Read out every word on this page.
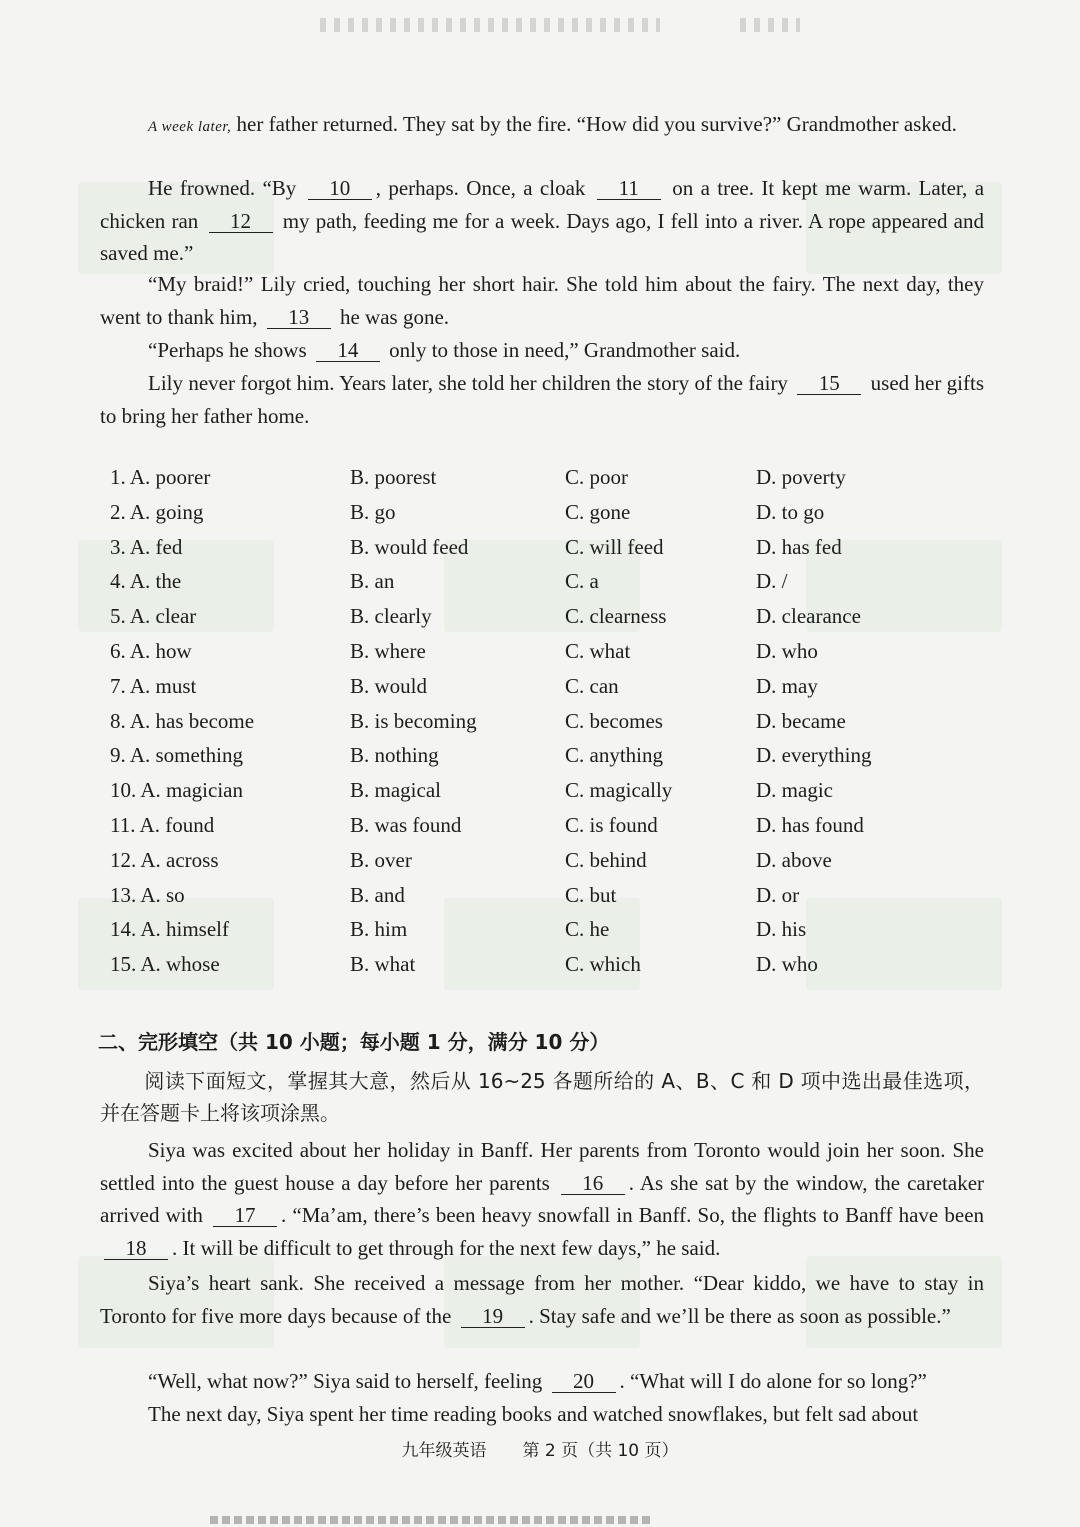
A week later, her father returned. They sat by the fire. “How did you survive?” Grandmother asked.

He frowned. “By 10 , perhaps. Once, a cloak 11 on a tree. It kept me warm. Later, a chicken ran 12 my path, feeding me for a week. Days ago, I fell into a river. A rope appeared and saved me.”

“My braid!” Lily cried, touching her short hair. She told him about the fairy. The next day, they went to thank him, 13 he was gone.

“Perhaps he shows 14 only to those in need,” Grandmother said.

Lily never forgot him. Years later, she told her children the story of the fairy 15 used her gifts to bring her father home.

1. A. poorer	B. poorest	C. poor	D. poverty
2. A. going	B. go	C. gone	D. to go
3. A. fed	B. would feed	C. will feed	D. has fed
4. A. the	B. an	C. a	D. /
5. A. clear	B. clearly	C. clearness	D. clearance
6. A. how	B. where	C. what	D. who
7. A. must	B. would	C. can	D. may
8. A. has become	B. is becoming	C. becomes	D. became
9. A. something	B. nothing	C. anything	D. everything
10. A. magician	B. magical	C. magically	D. magic
11. A. found	B. was found	C. is found	D. has found
12. A. across	B. over	C. behind	D. above
13. A. so	B. and	C. but	D. or
14. A. himself	B. him	C. he	D. his
15. A. whose	B. what	C. which	D. who
二、完形填空（共 10 小题；每小题 1 分，满分 10 分）

阅读下面短文，掌握其大意，然后从 16~25 各题所给的 A、B、C 和 D 项中选出最佳选项，并在答题卡上将该项涂黑。

Siya was excited about her holiday in Banff. Her parents from Toronto would join her soon. She settled into the guest house a day before her parents 16 . As she sat by the window, the caretaker arrived with 17 . “Ma’am, there’s been heavy snowfall in Banff. So, the flights to Banff have been 18 . It will be difficult to get through for the next few days,” he said.

Siya’s heart sank. She received a message from her mother. “Dear kiddo, we have to stay in Toronto for five more days because of the 19 . Stay safe and we’ll be there as soon as possible.”

“Well, what now?” Siya said to herself, feeling 20 . “What will I do alone for so long?”

The next day, Siya spent her time reading books and watched snowflakes, but felt sad about

九年级英语 第 2 页（共 10 页）
